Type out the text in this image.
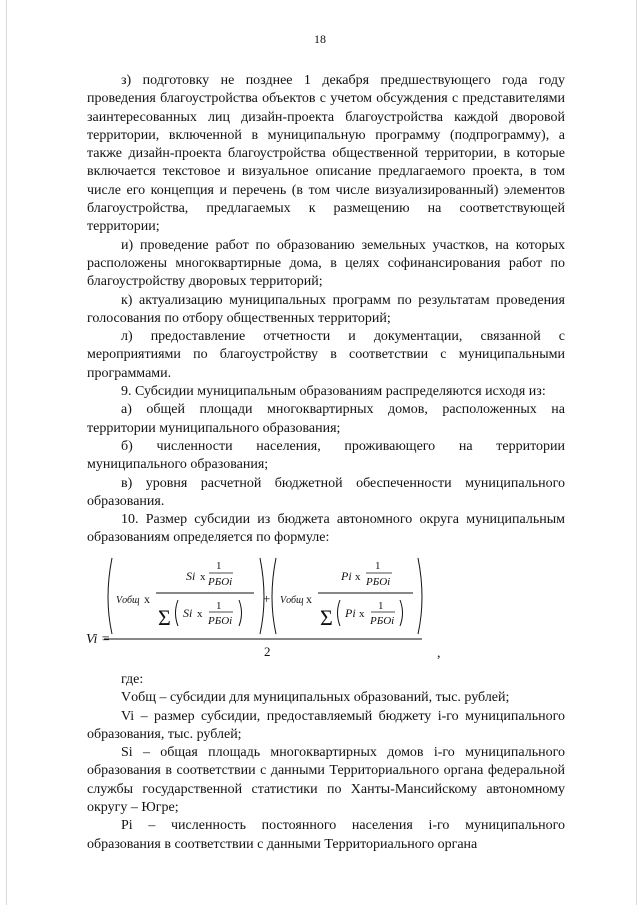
18

з) подготовку не позднее 1 декабря предшествующего года году проведения благоустройства объектов с учетом обсуждения с представителями заинтересованных лиц дизайн-проекта благоустройства каждой дворовой территории, включенной в муниципальную программу (подпрограмму), а также дизайн-проекта благоустройства общественной территории, в которые включается текстовое и визуальное описание предлагаемого проекта, в том числе его концепция и перечень (в том числе визуализированный) элементов благоустройства, предлагаемых к размещению на соответствующей территории;

и) проведение работ по образованию земельных участков, на которых расположены многоквартирные дома, в целях софинансирования работ по благоустройству дворовых территорий;

к) актуализацию муниципальных программ по результатам проведения голосования по отбору общественных территорий;

л) предоставление отчетности и документации, связанной с мероприятиями по благоустройству в соответствии с муниципальными программами.

9. Субсидии муниципальным образованиям распределяются исходя из:

а) общей площади многоквартирных домов, расположенных на территории муниципального образования;

б) численности населения, проживающего на территории муниципального образования;

в) уровня расчетной бюджетной обеспеченности муниципального образования.

10. Размер субсидии из бюджета автономного округа муниципальным образованиям определяется по формуле:

Vi =
Vобщ x
Si x
1
РБОi
Σ Si x
1
РБОi
+ Vобщ x
Pi x
1
РБОi
Σ Pi x
1
РБОi
2	,

где:

Vобщ – субсидии для муниципальных образований, тыс. рублей;

Vi – размер субсидии, предоставляемый бюджету i-го муниципального образования, тыс. рублей;

Si – общая площадь многоквартирных домов i-го муниципального образования в соответствии с данными Территориального органа федеральной службы государственной статистики по Ханты-Мансийскому автономному округу – Югре;

Pi – численность постоянного населения i-го муниципального образования в соответствии с данными Территориального органа
